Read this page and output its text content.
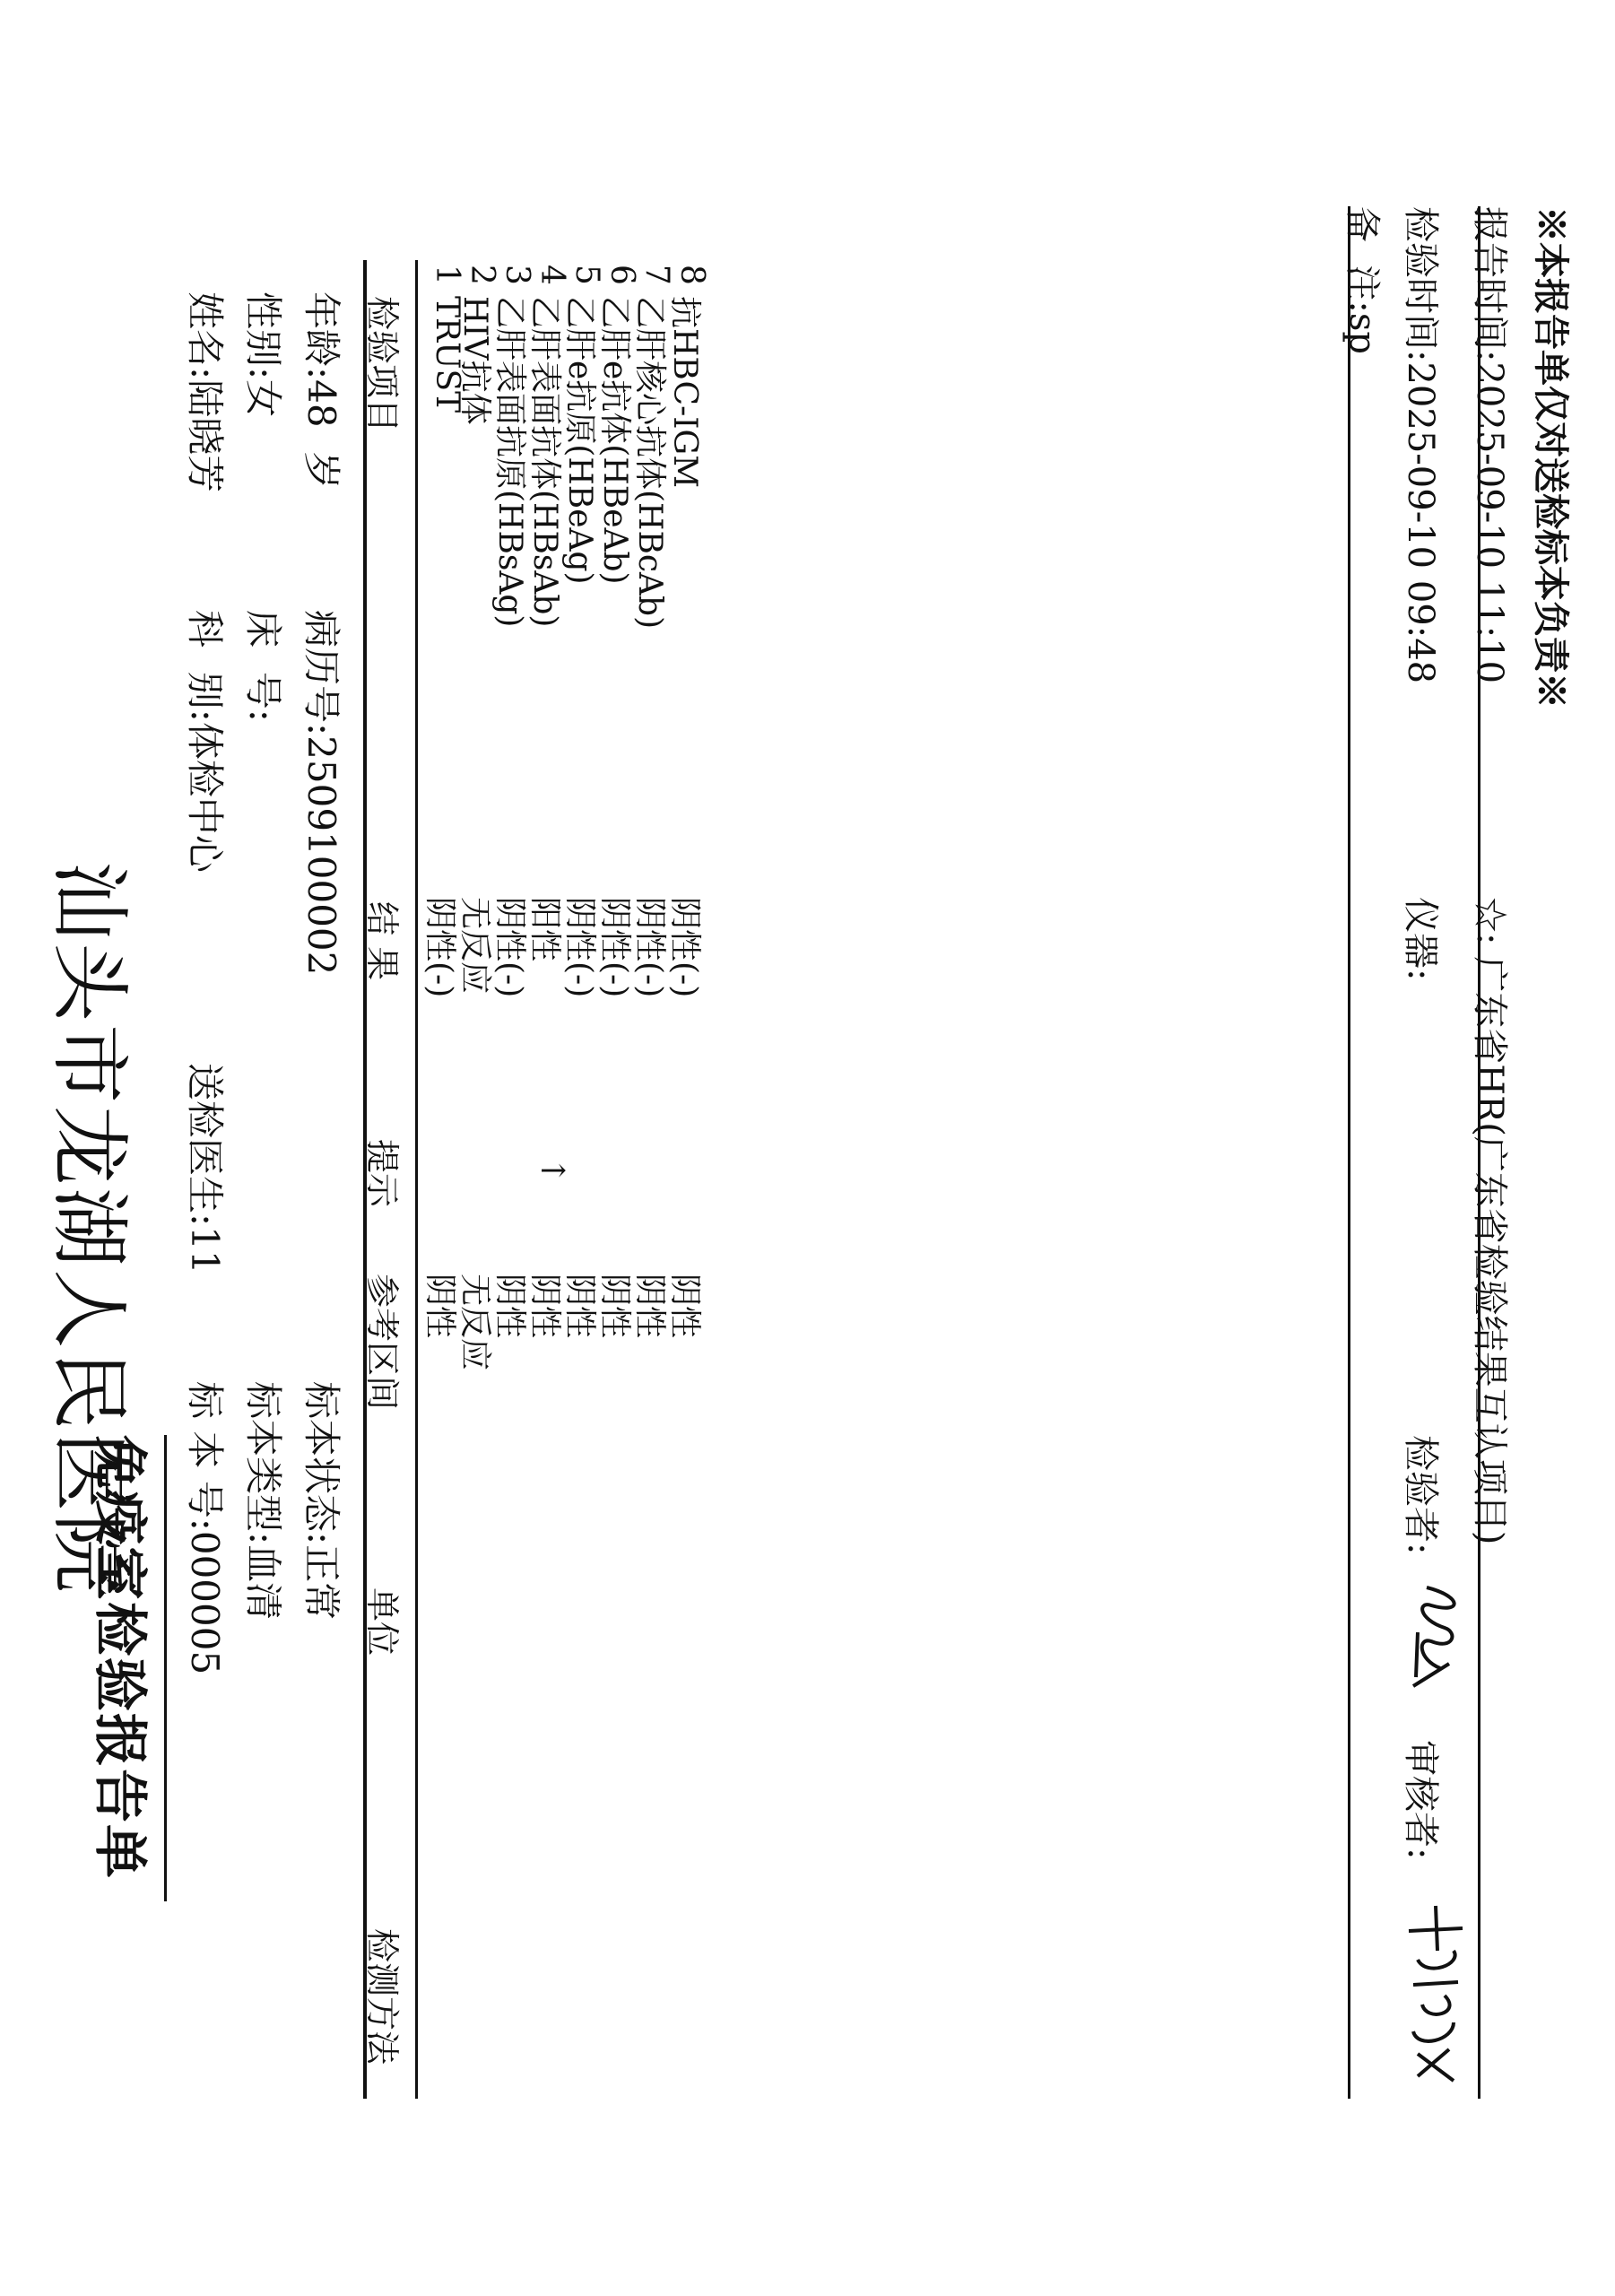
汕头市龙湖人民医院
免疫室检验报告单
姓名:陆晓芳
科  别:体检中心
送检医生:11
标 本 号:000005
性别:女
床  号:
标本类型:血清
年龄:48  岁
病历号:2509100002
标本状态:正常
检验项目
结 果
提示
参考区间
单位
检测方法
1
TRUST
阴性(-)
阴性
2
HIV抗体
无反应
无反应
3
乙肝表面抗原(HBsAg)
阴性(-)
阴性
4
乙肝表面抗体(HBsAb)
阳性
↑
阴性
5
乙肝e抗原(HBeAg)
阴性(-)
阴性
6
乙肝e抗体(HBeAb)
阴性(-)
阴性
7
乙肝核心抗体(HBcAb)
阴性(-)
阴性
8
抗HBC-IGM
阴性(-)
阴性
备  注:sp 检验时间:2025-09-10 09:48
仪器:
检验者:
审核者:
报告时间:2025-09-10 11:10
☆: 广东省HR(广东省检验结果互认项目)
※本报告单仅对送检标本负责※
